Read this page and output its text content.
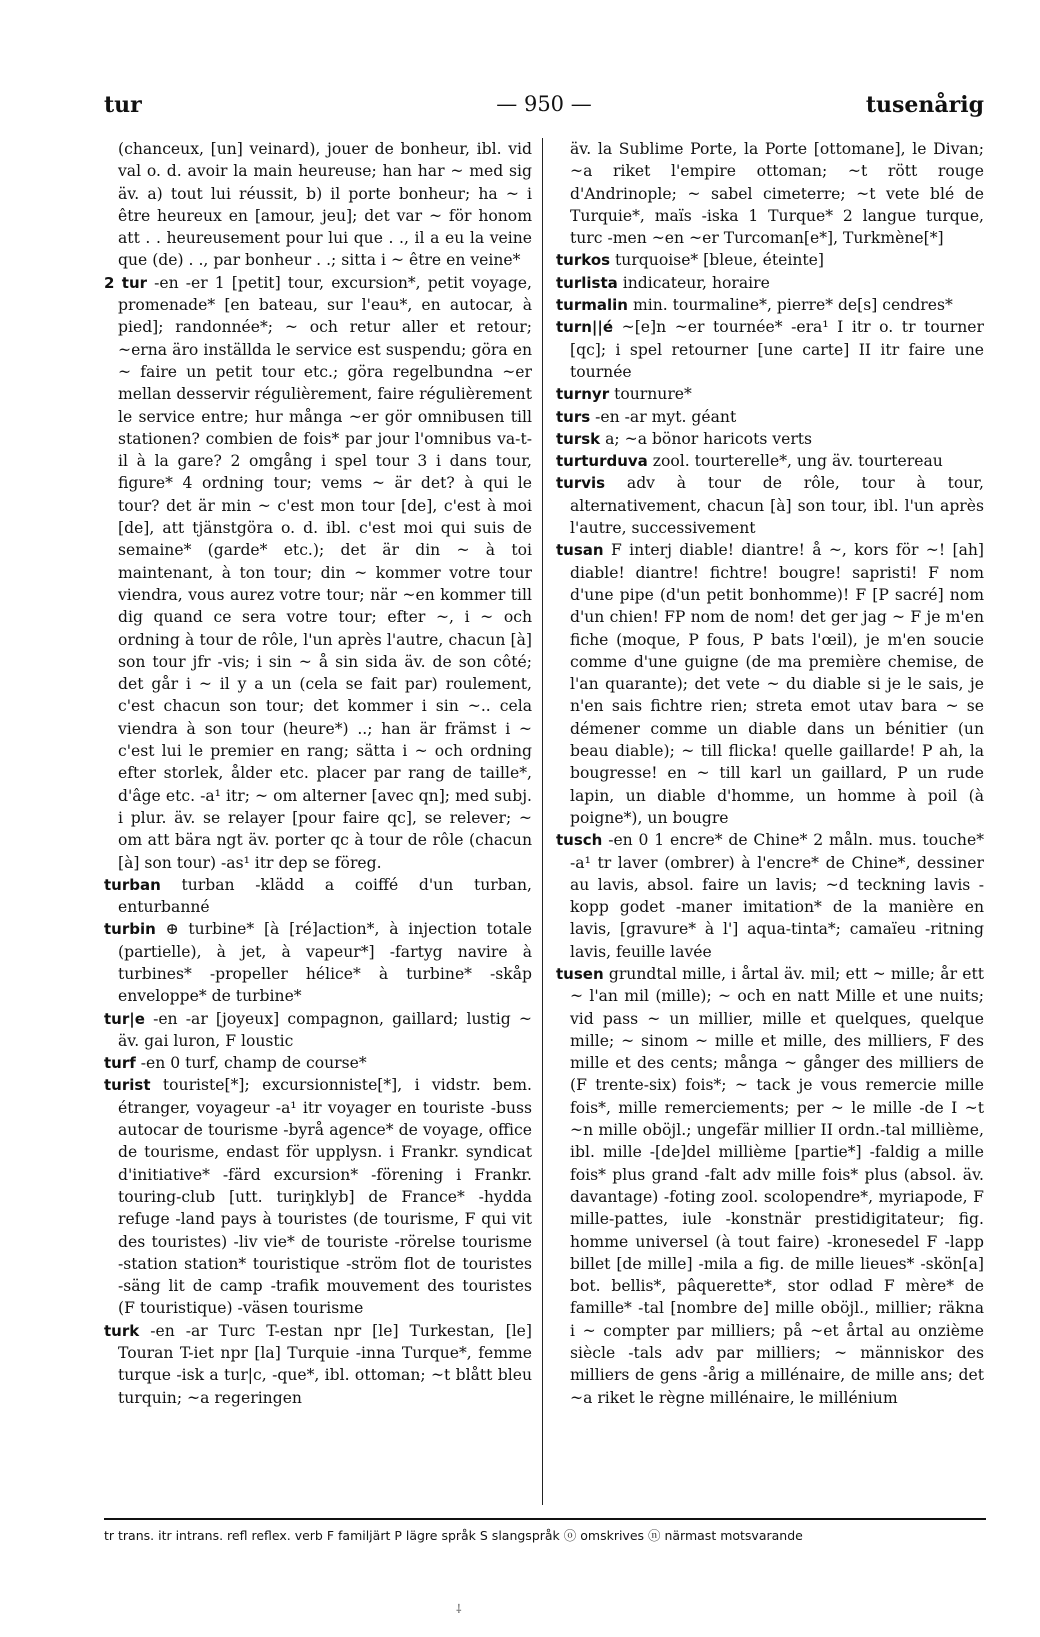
tur	— 950 —	tusenårig

(chanceux, [un] veinard), jouer de bonheur, ibl. vid val o. d. avoir la main heureuse; han har ~ med sig äv. a) tout lui réussit, b) il porte bonheur; ha ~ i être heureux en [amour, jeu]; det var ~ för honom att . . heureusement pour lui que . ., il a eu la veine que (de) . ., par bonheur . .; sitta i ~ être en veine*

2 tur -en -er 1 [petit] tour, excursion*, petit voyage, promenade* [en bateau, sur l'eau*, en autocar, à pied]; randonnée*; ~ och retur aller et retour; ~erna äro inställda le service est suspendu; göra en ~ faire un petit tour etc.; göra regelbundna ~er mellan desservir régulièrement, faire régulièrement le service entre; hur många ~er gör omnibusen till stationen? combien de fois* par jour l'omnibus va-t-il à la gare? 2 omgång i spel tour 3 i dans tour, figure* 4 ordning tour; vems ~ är det? à qui le tour? det är min ~ c'est mon tour [de], c'est à moi [de], att tjänstgöra o. d. ibl. c'est moi qui suis de semaine* (garde* etc.); det är din ~ à toi maintenant, à ton tour; din ~ kommer votre tour viendra, vous aurez votre tour; när ~en kommer till dig quand ce sera votre tour; efter ~, i ~ och ordning à tour de rôle, l'un après l'autre, chacun [à] son tour jfr -vis; i sin ~ å sin sida äv. de son côté; det går i ~ il y a un (cela se fait par) roulement, c'est chacun son tour; det kommer i sin ~.. cela viendra à son tour (heure*) ..; han är främst i ~ c'est lui le premier en rang; sätta i ~ och ordning efter storlek, ålder etc. placer par rang de taille*, d'âge etc. -a¹ itr; ~ om alterner [avec qn]; med subj. i plur. äv. se relayer [pour faire qc], se relever; ~ om att bära ngt äv. porter qc à tour de rôle (chacun [à] son tour) -as¹ itr dep se föreg.

turban turban -klädd a coiffé d'un turban, enturbanné

turbin ⊕ turbine* [à [ré]action*, à injection totale (partielle), à jet, à vapeur*] -fartyg navire à turbines* -propeller hélice* à turbine* -skåp enveloppe* de turbine*

tur|e -en -ar [joyeux] compagnon, gaillard; lustig ~ äv. gai luron, F loustic

turf -en 0 turf, champ de course*

turist touriste[*]; excursionniste[*], i vidstr. bem. étranger, voyageur -a¹ itr voyager en touriste -buss autocar de tourisme -byrå agence* de voyage, office de tourisme, endast för upplysn. i Frankr. syndicat d'initiative* -färd excursion* -förening i Frankr. touring-club [utt. turiŋklyb] de France* -hydda refuge -land pays à touristes (de tourisme, F qui vit des touristes) -liv vie* de touriste -rörelse tourisme -station station* touristique -ström flot de touristes -säng lit de camp -trafik mouvement des touristes (F touristique) -väsen tourisme

turk -en -ar Turc T-estan npr [le] Turkestan, [le] Touran T-iet npr [la] Turquie -inna Turque*, femme turque -isk a tur|c, -que*, ibl. ottoman; ~t blått bleu turquin; ~a regeringen

äv. la Sublime Porte, la Porte [ottomane], le Divan; ~a riket l'empire ottoman; ~t rött rouge d'Andrinople; ~ sabel cimeterre; ~t vete blé de Turquie*, maïs -iska 1 Turque* 2 langue turque, turc -men ~en ~er Turcoman[e*], Turkmène[*]

turkos turquoise* [bleue, éteinte]

turlista indicateur, horaire

turmalin min. tourmaline*, pierre* de[s] cendres*

turn||é ~[e]n ~er tournée* -era¹ I itr o. tr tourner [qc]; i spel retourner [une carte] II itr faire une tournée

turnyr tournure*

turs -en -ar myt. géant

tursk a; ~a bönor haricots verts

turturduva zool. tourterelle*, ung äv. tourtereau

turvis adv à tour de rôle, tour à tour, alternativement, chacun [à] son tour, ibl. l'un après l'autre, successivement

tusan F interj diable! diantre! å ~, kors för ~! [ah] diable! diantre! fichtre! bougre! sapristi! F nom d'une pipe (d'un petit bonhomme)! F [P sacré] nom d'un chien! FP nom de nom! det ger jag ~ F je m'en fiche (moque, P fous, P bats l'œil), je m'en soucie comme d'une guigne (de ma première chemise, de l'an quarante); det vete ~ du diable si je le sais, je n'en sais fichtre rien; streta emot utav bara ~ se démener comme un diable dans un bénitier (un beau diable); ~ till flicka! quelle gaillarde! P ah, la bougresse! en ~ till karl un gaillard, P un rude lapin, un diable d'homme, un homme à poil (à poigne*), un bougre

tusch -en 0 1 encre* de Chine* 2 måln. mus. touche* -a¹ tr laver (ombrer) à l'encre* de Chine*, dessiner au lavis, absol. faire un lavis; ~d teckning lavis -kopp godet -maner imitation* de la manière en lavis, [gravure* à l'] aqua-tinta*; camaïeu -ritning lavis, feuille lavée

tusen grundtal mille, i årtal äv. mil; ett ~ mille; år ett ~ l'an mil (mille); ~ och en natt Mille et une nuits; vid pass ~ un millier, mille et quelques, quelque mille; ~ sinom ~ mille et mille, des milliers, F des mille et des cents; många ~ gånger des milliers de (F trente-six) fois*; ~ tack je vous remercie mille fois*, mille remerciements; per ~ le mille -de I ~t ~n mille oböjl.; ungefär millier II ordn.-tal millième, ibl. mille -[de]del millième [partie*] -faldig a mille fois* plus grand -falt adv mille fois* plus (absol. äv. davantage) -foting zool. scolopendre*, myriapode, F mille-pattes, iule -konstnär prestidigitateur; fig. homme universel (à tout faire) -kronesedel F -lapp billet [de mille] -mila a fig. de mille lieues* -skön[a] bot. bellis*, pâquerette*, stor odlad F mère* de famille* -tal [nombre de] mille oböjl., millier; räkna i ~ compter par milliers; på ~et årtal au onzième siècle -tals adv par milliers; ~ människor des milliers de gens -årig a millénaire, de mille ans; det ~a riket le règne millénaire, le millénium

tr trans. itr intrans. refl reflex. verb F familjärt P lägre språk S slangspråk ⓞ omskrives ⓝ närmast motsvarande
⸸
